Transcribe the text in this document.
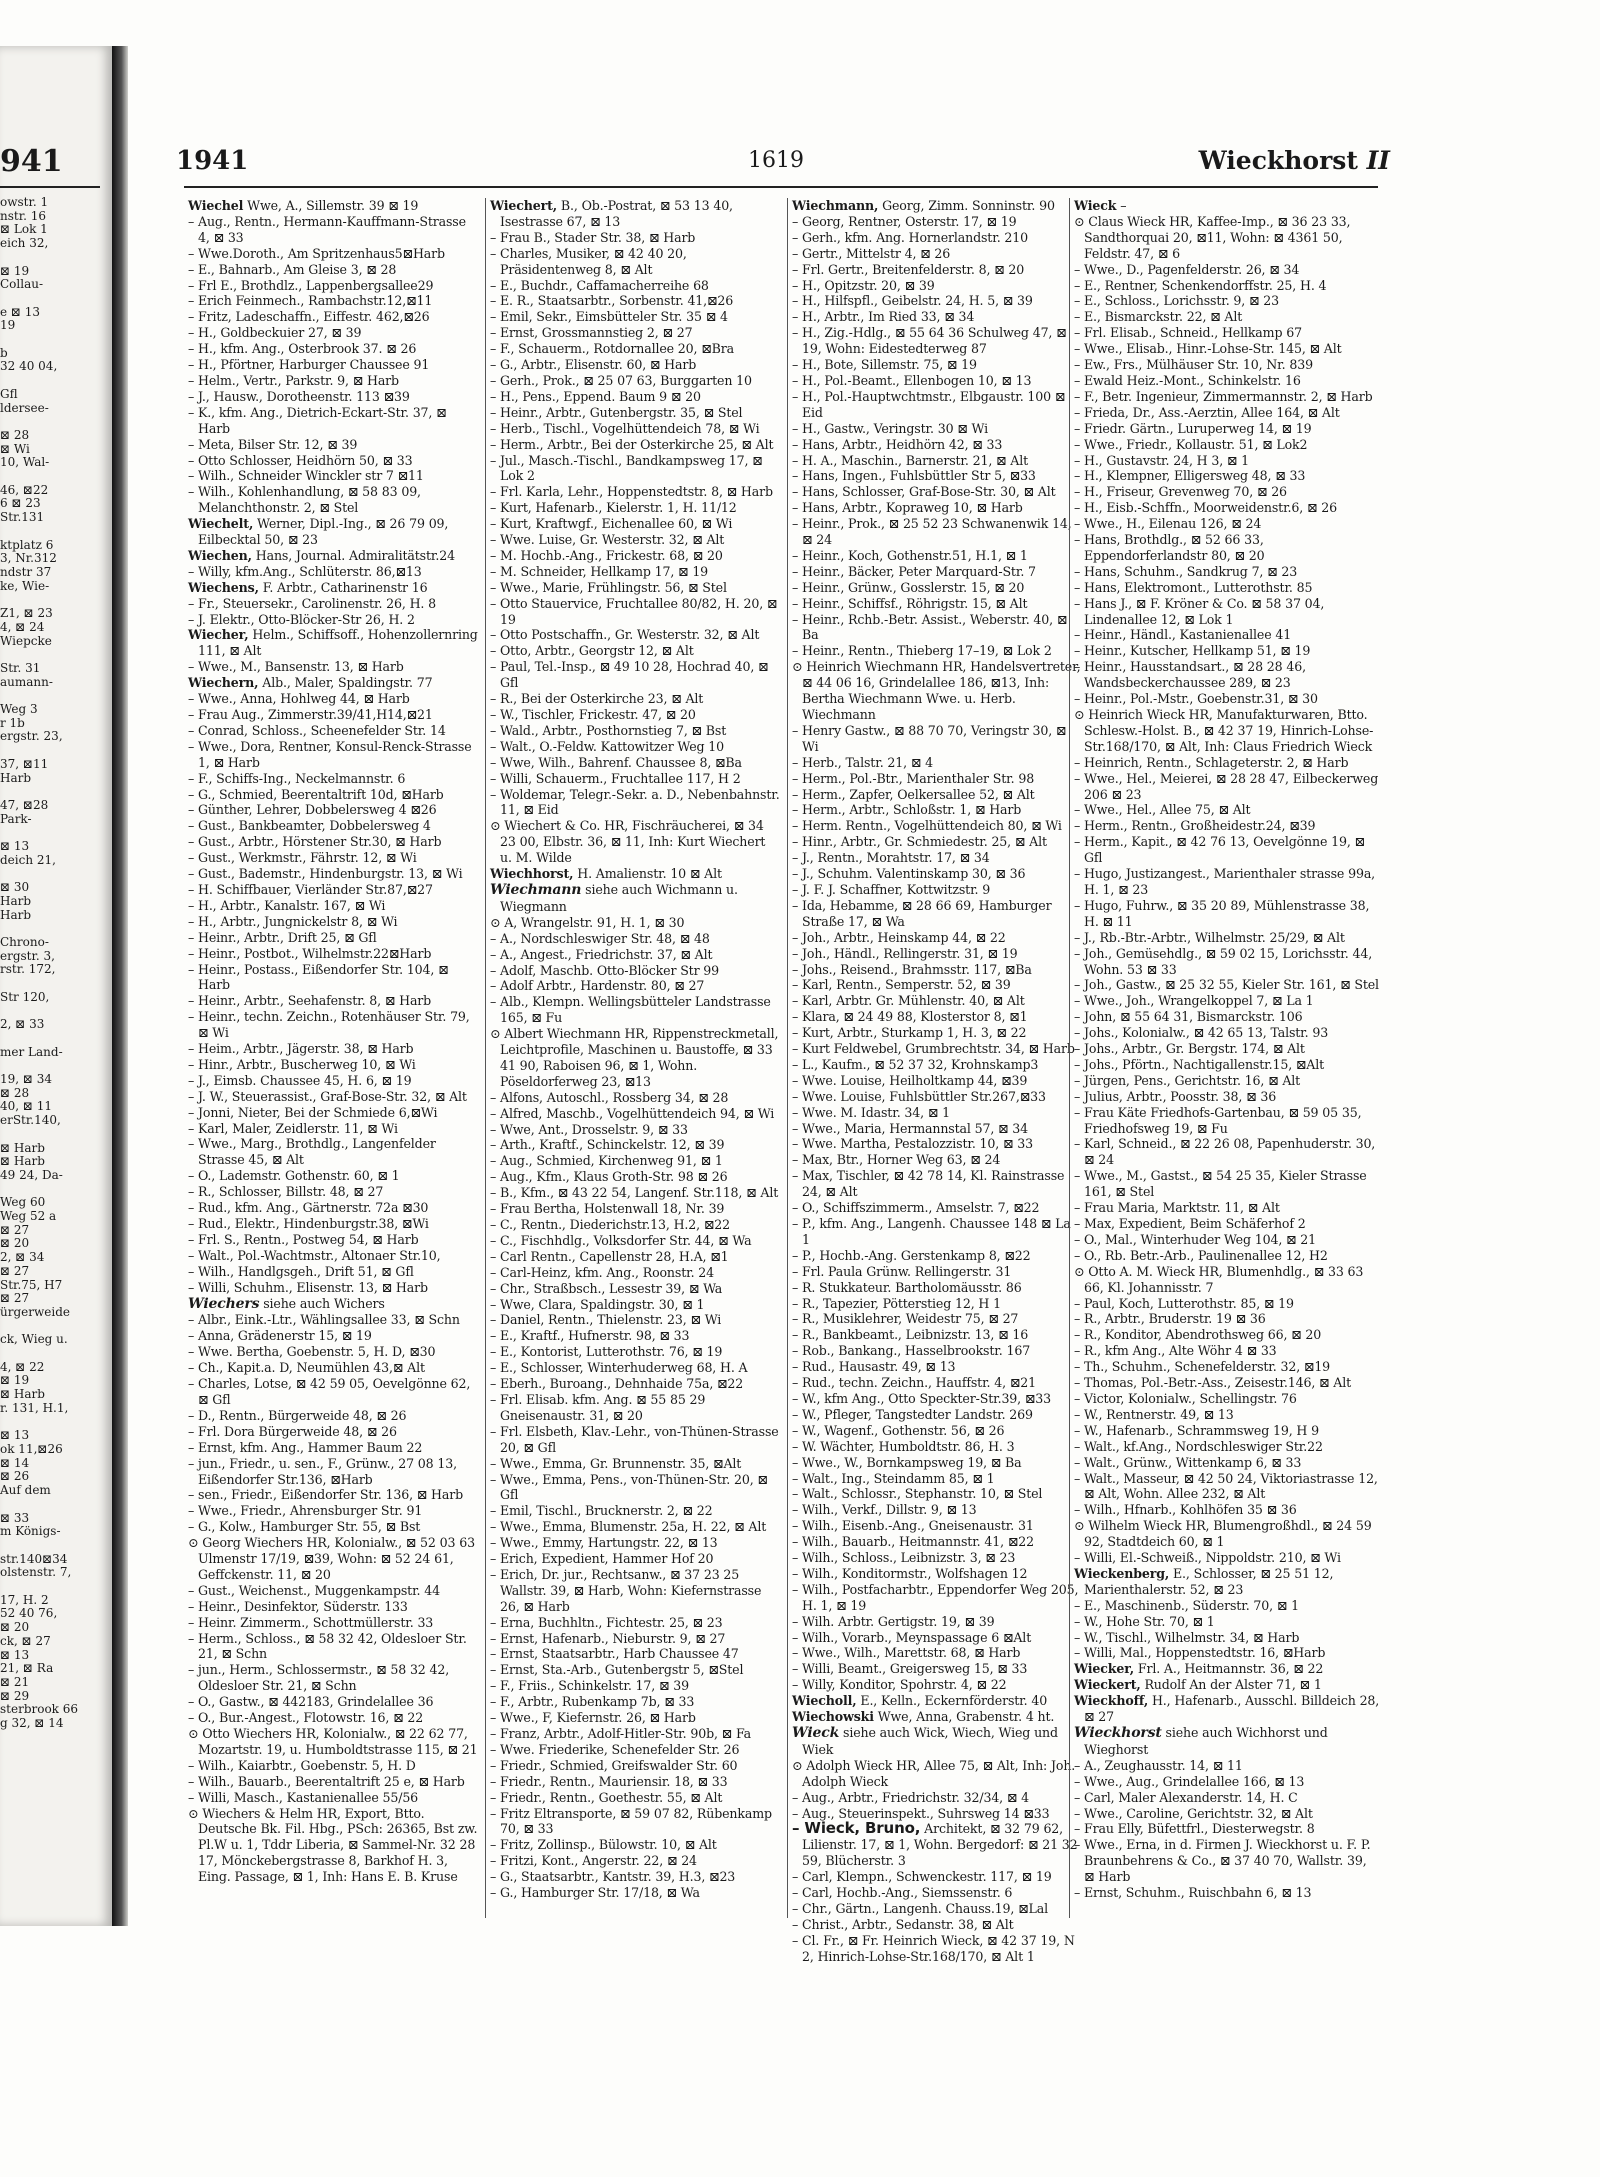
941
owstr. 1
nstr. 16
⊠ Lok 1
eich 32,

⊠ 19
Collau-

e ⊠ 13
19

b
32 40 04,

Gfl
ldersee-

⊠ 28
⊠ Wi
10, Wal-

46, ⊠22
6 ⊠ 23
Str.131

ktplatz 6
3, Nr.312
ndstr 37
ke, Wie-

Z1, ⊠ 23
4, ⊠ 24
Wiepcke

Str. 31
aumann-

Weg 3
r 1b
ergstr. 23,

37, ⊠11
Harb

47, ⊠28
Park-

⊠ 13
deich 21,

⊠ 30
Harb
Harb

Chrono-
ergstr. 3,
rstr. 172,

Str 120,

2, ⊠ 33

mer Land-

19, ⊠ 34
⊠ 28
40, ⊠ 11
erStr.140,

⊠ Harb
⊠ Harb
49 24, Da-

Weg 60
Weg 52 a
⊠ 27
⊠ 20
2, ⊠ 34
⊠ 27
Str.75, H7
⊠ 27
ürgerweide

ck, Wieg u.

4, ⊠ 22
⊠ 19
⊠ Harb
r. 131, H.1,

⊠ 13
ok 11,⊠26
⊠ 14
⊠ 26
Auf dem

⊠ 33
m Königs-

str.140⊠34
olstenstr. 7,

17, H. 2
52 40 76,
⊠ 20
ck, ⊠ 27
⊠ 13
21, ⊠ Ra
⊠ 21
⊠ 29
sterbrook 66
g 32, ⊠ 14
1941	1619	Wieckhorst II

Wiechel Wwe, A., Sillemstr. 39 ⊠ 19

– Aug., Rentn., Hermann-Kauffmann-Strasse 4, ⊠ 33

– Wwe.Doroth., Am Spritzenhaus5⊠Harb

– E., Bahnarb., Am Gleise 3, ⊠ 28

– Frl E., Brothdlz., Lappenbergsallee29

– Erich Feinmech., Rambachstr.12,⊠11

– Fritz, Ladeschaffn., Eiffestr. 462,⊠26

– H., Goldbeckuier 27, ⊠ 39

– H., kfm. Ang., Osterbrook 37. ⊠ 26

– H., Pförtner, Harburger Chaussee 91

– Helm., Vertr., Parkstr. 9, ⊠ Harb

– J., Hausw., Dorotheenstr. 113 ⊠39

– K., kfm. Ang., Dietrich-Eckart-Str. 37, ⊠ Harb

– Meta, Bilser Str. 12, ⊠ 39

– Otto Schlosser, Heidhörn 50, ⊠ 33

– Wilh., Schneider Winckler str 7 ⊠11

– Wilh., Kohlenhandlung, ⊠ 58 83 09, Melanchthonstr. 2, ⊠ Stel

Wiechelt, Werner, Dipl.-Ing., ⊠ 26 79 09, Eilbecktal 50, ⊠ 23

Wiechen, Hans, Journal. Admiralitätstr.24

– Willy, kfm.Ang., Schlüterstr. 86,⊠13

Wiechens, F. Arbtr., Catharinenstr 16

– Fr., Steuersekr., Carolinenstr. 26, H. 8

– J. Elektr., Otto-Blöcker-Str 26, H. 2

Wiecher, Helm., Schiffsoff., Hohenzollernring 111, ⊠ Alt

– Wwe., M., Bansenstr. 13, ⊠ Harb

Wiechern, Alb., Maler, Spaldingstr. 77

– Wwe., Anna, Hohlweg 44, ⊠ Harb

– Frau Aug., Zimmerstr.39/41,H14,⊠21

– Conrad, Schloss., Scheenefelder Str. 14

– Wwe., Dora, Rentner, Konsul-Renck-Strasse 1, ⊠ Harb

– F., Schiffs-Ing., Neckelmannstr. 6

– G., Schmied, Beerentaltrift 10d, ⊠Harb

– Günther, Lehrer, Dobbelersweg 4 ⊠26

– Gust., Bankbeamter, Dobbelersweg 4

– Gust., Arbtr., Hörstener Str.30, ⊠ Harb

– Gust., Werkmstr., Fährstr. 12, ⊠ Wi

– Gust., Bademstr., Hindenburgstr. 13, ⊠ Wi

– H. Schiffbauer, Vierländer Str.87,⊠27

– H., Arbtr., Kanalstr. 167, ⊠ Wi

– H., Arbtr., Jungnickelstr 8, ⊠ Wi

– Heinr., Arbtr., Drift 25, ⊠ Gfl

– Heinr., Postbot., Wilhelmstr.22⊠Harb

– Heinr., Postass., Eißendorfer Str. 104, ⊠ Harb

– Heinr., Arbtr., Seehafenstr. 8, ⊠ Harb

– Heinr., techn. Zeichn., Rotenhäuser Str. 79, ⊠ Wi

– Heim., Arbtr., Jägerstr. 38, ⊠ Harb

– Hinr., Arbtr., Buscherweg 10, ⊠ Wi

– J., Eimsb. Chaussee 45, H. 6, ⊠ 19

– J. W., Steuerassist., Graf-Bose-Str. 32, ⊠ Alt

– Jonni, Nieter, Bei der Schmiede 6,⊠Wi

– Karl, Maler, Zeidlerstr. 11, ⊠ Wi

– Wwe., Marg., Brothdlg., Langenfelder Strasse 45, ⊠ Alt

– O., Lademstr. Gothenstr. 60, ⊠ 1

– R., Schlosser, Billstr. 48, ⊠ 27

– Rud., kfm. Ang., Gärtnerstr. 72a ⊠30

– Rud., Elektr., Hindenburgstr.38, ⊠Wi

– Frl. S., Rentn., Postweg 54, ⊠ Harb

– Walt., Pol.-Wachtmstr., Altonaer Str.10,

– Wilh., Handlgsgeh., Drift 51, ⊠ Gfl

– Willi, Schuhm., Elisenstr. 13, ⊠ Harb

Wiechers siehe auch Wichers

– Albr., Eink.-Ltr., Wählingsallee 33, ⊠ Schn

– Anna, Grädenerstr 15, ⊠ 19

– Wwe. Bertha, Goebenstr. 5, H. D, ⊠30

– Ch., Kapit.a. D, Neumühlen 43,⊠ Alt

– Charles, Lotse, ⊠ 42 59 05, Oevelgönne 62, ⊠ Gfl

– D., Rentn., Bürgerweide 48, ⊠ 26

– Frl. Dora Bürgerweide 48, ⊠ 26

– Ernst, kfm. Ang., Hammer Baum 22

– jun., Friedr., u. sen., F., Grünw., 27 08 13, Eißendorfer Str.136, ⊠Harb

– sen., Friedr., Eißendorfer Str. 136, ⊠ Harb

– Wwe., Friedr., Ahrensburger Str. 91

– G., Kolw., Hamburger Str. 55, ⊠ Bst

⊙ Georg Wiechers HR, Kolonialw., ⊠ 52 03 63 Ulmenstr 17/19, ⊠39, Wohn: ⊠ 52 24 61, Geffckenstr. 11, ⊠ 20

– Gust., Weichenst., Muggenkampstr. 44

– Heinr., Desinfektor, Süderstr. 133

– Heinr. Zimmerm., Schottmüllerstr. 33

– Herm., Schloss., ⊠ 58 32 42, Oldesloer Str. 21, ⊠ Schn

– jun., Herm., Schlossermstr., ⊠ 58 32 42, Oldesloer Str. 21, ⊠ Schn

– O., Gastw., ⊠ 442183, Grindelallee 36

– O., Bur.-Angest., Flotowstr. 16, ⊠ 22

⊙ Otto Wiechers HR, Kolonialw., ⊠ 22 62 77, Mozartstr. 19, u. Humboldtstrasse 115, ⊠ 21

– Wilh., Kaiarbtr., Goebenstr. 5, H. D

– Wilh., Bauarb., Beerentaltrift 25 e, ⊠ Harb

– Willi, Masch., Kastanienallee 55/56

⊙ Wiechers & Helm HR, Export, Btto. Deutsche Bk. Fil. Hbg., PSch: 26365, Bst zw. Pl.W u. 1, Tddr Liberia, ⊠ Sammel-Nr. 32 28 17, Mönckebergstrasse 8, Barkhof H. 3, Eing. Passage, ⊠ 1, Inh: Hans E. B. Kruse

Wiechert, B., Ob.-Postrat, ⊠ 53 13 40, Isestrasse 67, ⊠ 13

– Frau B., Stader Str. 38, ⊠ Harb

– Charles, Musiker, ⊠ 42 40 20, Präsidentenweg 8, ⊠ Alt

– E., Buchdr., Caffamacherreihe 68

– E. R., Staatsarbtr., Sorbenstr. 41,⊠26

– Emil, Sekr., Eimsbütteler Str. 35 ⊠ 4

– Ernst, Grossmannstieg 2, ⊠ 27

– F., Schauerm., Rotdornallee 20, ⊠Bra

– G., Arbtr., Elisenstr. 60, ⊠ Harb

– Gerh., Prok., ⊠ 25 07 63, Burggarten 10

– H., Pens., Eppend. Baum 9 ⊠ 20

– Heinr., Arbtr., Gutenbergstr. 35, ⊠ Stel

– Herb., Tischl., Vogelhüttendeich 78, ⊠ Wi

– Herm., Arbtr., Bei der Osterkirche 25, ⊠ Alt

– Jul., Masch.-Tischl., Bandkampsweg 17, ⊠ Lok 2

– Frl. Karla, Lehr., Hoppenstedtstr. 8, ⊠ Harb

– Kurt, Hafenarb., Kielerstr. 1, H. 11/12

– Kurt, Kraftwgf., Eichenallee 60, ⊠ Wi

– Wwe. Luise, Gr. Westerstr. 32, ⊠ Alt

– M. Hochb.-Ang., Frickestr. 68, ⊠ 20

– M. Schneider, Hellkamp 17, ⊠ 19

– Wwe., Marie, Frühlingstr. 56, ⊠ Stel

– Otto Stauervice, Fruchtallee 80/82, H. 20, ⊠ 19

– Otto Postschaffn., Gr. Westerstr. 32, ⊠ Alt

– Otto, Arbtr., Georgstr 12, ⊠ Alt

– Paul, Tel.-Insp., ⊠ 49 10 28, Hochrad 40, ⊠ Gfl

– R., Bei der Osterkirche 23, ⊠ Alt

– W., Tischler, Frickestr. 47, ⊠ 20

– Wald., Arbtr., Posthornstieg 7, ⊠ Bst

– Walt., O.-Feldw. Kattowitzer Weg 10

– Wwe, Wilh., Bahrenf. Chaussee 8, ⊠Ba

– Willi, Schauerm., Fruchtallee 117, H 2

– Woldemar, Telegr.-Sekr. a. D., Nebenbahnstr. 11, ⊠ Eid

⊙ Wiechert & Co. HR, Fischräucherei, ⊠ 34 23 00, Elbstr. 36, ⊠ 11, Inh: Kurt Wiechert u. M. Wilde

Wiechhorst, H. Amalienstr. 10 ⊠ Alt

Wiechmann siehe auch Wichmann u. Wiegmann

⊙ A, Wrangelstr. 91, H. 1, ⊠ 30

– A., Nordschleswiger Str. 48, ⊠ 48

– A., Angest., Friedrichstr. 37, ⊠ Alt

– Adolf, Maschb. Otto-Blöcker Str 99

– Adolf Arbtr., Hardenstr. 80, ⊠ 27

– Alb., Klempn. Wellingsbütteler Landstrasse 165, ⊠ Fu

⊙ Albert Wiechmann HR, Rippenstreckmetall, Leichtprofile, Maschinen u. Baustoffe, ⊠ 33 41 90, Raboisen 96, ⊠ 1, Wohn. Pöseldorferweg 23, ⊠13

– Alfons, Autoschl., Rossberg 34, ⊠ 28

– Alfred, Maschb., Vogelhüttendeich 94, ⊠ Wi

– Wwe, Ant., Drosselstr. 9, ⊠ 33

– Arth., Kraftf., Schinckelstr. 12, ⊠ 39

– Aug., Schmied, Kirchenweg 91, ⊠ 1

– Aug., Kfm., Klaus Groth-Str. 98 ⊠ 26

– B., Kfm., ⊠ 43 22 54, Langenf. Str.118, ⊠ Alt

– Frau Bertha, Holstenwall 18, Nr. 39

– C., Rentn., Diederichstr.13, H.2, ⊠22

– C., Fischhdlg., Volksdorfer Str. 44, ⊠ Wa

– Carl Rentn., Capellenstr 28, H.A, ⊠1

– Carl-Heinz, kfm. Ang., Roonstr. 24

– Chr., Straßbsch., Lessestr 39, ⊠ Wa

– Wwe, Clara, Spaldingstr. 30, ⊠ 1

– Daniel, Rentn., Thielenstr. 23, ⊠ Wi

– E., Kraftf., Hufnerstr. 98, ⊠ 33

– E., Kontorist, Lutterothstr. 76, ⊠ 19

– E., Schlosser, Winterhuderweg 68, H. A

– Eberh., Buroang., Dehnhaide 75a, ⊠22

– Frl. Elisab. kfm. Ang. ⊠ 55 85 29 Gneisenaustr. 31, ⊠ 20

– Frl. Elsbeth, Klav.-Lehr., von-Thünen-Strasse 20, ⊠ Gfl

– Wwe., Emma, Gr. Brunnenstr. 35, ⊠Alt

– Wwe., Emma, Pens., von-Thünen-Str. 20, ⊠ Gfl

– Emil, Tischl., Brucknerstr. 2, ⊠ 22

– Wwe., Emma, Blumenstr. 25a, H. 22, ⊠ Alt

– Wwe., Emmy, Hartungstr. 22, ⊠ 13

– Erich, Expedient, Hammer Hof 20

– Erich, Dr. jur., Rechtsanw., ⊠ 37 23 25 Wallstr. 39, ⊠ Harb, Wohn: Kiefernstrasse 26, ⊠ Harb

– Erna, Buchhltn., Fichtestr. 25, ⊠ 23

– Ernst, Hafenarb., Nieburstr. 9, ⊠ 27

– Ernst, Staatsarbtr., Harb Chaussee 47

– Ernst, Sta.-Arb., Gutenbergstr 5, ⊠Stel

– F., Friis., Schinkelstr. 17, ⊠ 39

– F., Arbtr., Rubenkamp 7b, ⊠ 33

– Wwe., F, Kiefernstr. 26, ⊠ Harb

– Franz, Arbtr., Adolf-Hitler-Str. 90b, ⊠ Fa

– Wwe. Friederike, Schenefelder Str. 26

– Friedr., Schmied, Greifswalder Str. 60

– Friedr., Rentn., Mauriensir. 18, ⊠ 33

– Friedr., Rentn., Goethestr. 55, ⊠ Alt

– Fritz Eltransporte, ⊠ 59 07 82, Rübenkamp 70, ⊠ 33

– Fritz, Zollinsp., Bülowstr. 10, ⊠ Alt

– Fritzi, Kont., Angerstr. 22, ⊠ 24

– G., Staatsarbtr., Kantstr. 39, H.3, ⊠23

– G., Hamburger Str. 17/18, ⊠ Wa

Wiechmann, Georg, Zimm. Sonninstr. 90

– Georg, Rentner, Osterstr. 17, ⊠ 19

– Gerh., kfm. Ang. Hornerlandstr. 210

– Gertr., Mittelstr 4, ⊠ 26

– Frl. Gertr., Breitenfelderstr. 8, ⊠ 20

– H., Opitzstr. 20, ⊠ 39

– H., Hilfspfl., Geibelstr. 24, H. 5, ⊠ 39

– H., Arbtr., Im Ried 33, ⊠ 34

– H., Zig.-Hdlg., ⊠ 55 64 36 Schulweg 47, ⊠ 19, Wohn: Eidestedterweg 87

– H., Bote, Sillemstr. 75, ⊠ 19

– H., Pol.-Beamt., Ellenbogen 10, ⊠ 13

– H., Pol.-Hauptwchtmstr., Elbgaustr. 100 ⊠ Eid

– H., Gastw., Veringstr. 30 ⊠ Wi

– Hans, Arbtr., Heidhörn 42, ⊠ 33

– H. A., Maschin., Barnerstr. 21, ⊠ Alt

– Hans, Ingen., Fuhlsbüttler Str 5, ⊠33

– Hans, Schlosser, Graf-Bose-Str. 30, ⊠ Alt

– Hans, Arbtr., Kopraweg 10, ⊠ Harb

– Heinr., Prok., ⊠ 25 52 23 Schwanenwik 14, ⊠ 24

– Heinr., Koch, Gothenstr.51, H.1, ⊠ 1

– Heinr., Bäcker, Peter Marquard-Str. 7

– Heinr., Grünw., Gosslerstr. 15, ⊠ 20

– Heinr., Schiffsf., Röhrigstr. 15, ⊠ Alt

– Heinr., Rchb.-Betr. Assist., Weberstr. 40, ⊠ Ba

– Heinr., Rentn., Thieberg 17–19, ⊠ Lok 2

⊙ Heinrich Wiechmann HR, Handelsvertreter, ⊠ 44 06 16, Grindelallee 186, ⊠13, Inh: Bertha Wiechmann Wwe. u. Herb. Wiechmann

– Henry Gastw., ⊠ 88 70 70, Veringstr 30, ⊠ Wi

– Herb., Talstr. 21, ⊠ 4

– Herm., Pol.-Btr., Marienthaler Str. 98

– Herm., Zapfer, Oelkersallee 52, ⊠ Alt

– Herm., Arbtr., Schloßstr. 1, ⊠ Harb

– Herm. Rentn., Vogelhüttendeich 80, ⊠ Wi

– Hinr., Arbtr., Gr. Schmiedestr. 25, ⊠ Alt

– J., Rentn., Morahtstr. 17, ⊠ 34

– J., Schuhm. Valentinskamp 30, ⊠ 36

– J. F. J. Schaffner, Kottwitzstr. 9

– Ida, Hebamme, ⊠ 28 66 69, Hamburger Straße 17, ⊠ Wa

– Joh., Arbtr., Heinskamp 44, ⊠ 22

– Joh., Händl., Rellingerstr. 31, ⊠ 19

– Johs., Reisend., Brahmsstr. 117, ⊠Ba

– Karl, Rentn., Semperstr. 52, ⊠ 39

– Karl, Arbtr. Gr. Mühlenstr. 40, ⊠ Alt

– Klara, ⊠ 24 49 88, Klosterstor 8, ⊠1

– Kurt, Arbtr., Sturkamp 1, H. 3, ⊠ 22

– Kurt Feldwebel, Grumbrechtstr. 34, ⊠ Harb

– L., Kaufm., ⊠ 52 37 32, Krohnskamp3

– Wwe. Louise, Heilholtkamp 44, ⊠39

– Wwe. Louise, Fuhlsbüttler Str.267,⊠33

– Wwe. M. Idastr. 34, ⊠ 1

– Wwe., Maria, Hermannstal 57, ⊠ 34

– Wwe. Martha, Pestalozzistr. 10, ⊠ 33

– Max, Btr., Horner Weg 63, ⊠ 24

– Max, Tischler, ⊠ 42 78 14, Kl. Rainstrasse 24, ⊠ Alt

– O., Schiffszimmerm., Amselstr. 7, ⊠22

– P., kfm. Ang., Langenh. Chaussee 148 ⊠ La 1

– P., Hochb.-Ang. Gerstenkamp 8, ⊠22

– Frl. Paula Grünw. Rellingerstr. 31

– R. Stukkateur. Bartholomäusstr. 86

– R., Tapezier, Pötterstieg 12, H 1

– R., Musiklehrer, Weidestr 75, ⊠ 27

– R., Bankbeamt., Leibnizstr. 13, ⊠ 16

– Rob., Bankang., Hasselbrookstr. 167

– Rud., Hausastr. 49, ⊠ 13

– Rud., techn. Zeichn., Hauffstr. 4, ⊠21

– W., kfm Ang., Otto Speckter-Str.39, ⊠33

– W., Pfleger, Tangstedter Landstr. 269

– W., Wagenf., Gothenstr. 56, ⊠ 26

– W. Wächter, Humboldtstr. 86, H. 3

– Wwe., W., Bornkampsweg 19, ⊠ Ba

– Walt., Ing., Steindamm 85, ⊠ 1

– Walt., Schlossr., Stephanstr. 10, ⊠ Stel

– Wilh., Verkf., Dillstr. 9, ⊠ 13

– Wilh., Eisenb.-Ang., Gneisenaustr. 31

– Wilh., Bauarb., Heitmannstr. 41, ⊠22

– Wilh., Schloss., Leibnizstr. 3, ⊠ 23

– Wilh., Konditormstr., Wolfshagen 12

– Wilh., Postfacharbtr., Eppendorfer Weg 205, H. 1, ⊠ 19

– Wilh. Arbtr. Gertigstr. 19, ⊠ 39

– Wilh., Vorarb., Meynspassage 6 ⊠Alt

– Wwe., Wilh., Marettstr. 68, ⊠ Harb

– Willi, Beamt., Greigersweg 15, ⊠ 33

– Willy, Konditor, Spohrstr. 4, ⊠ 22

Wiecholl, E., Kelln., Eckernförderstr. 40

Wiechowski Wwe, Anna, Grabenstr. 4 ht.

Wieck siehe auch Wick, Wiech, Wieg und Wiek

⊙ Adolph Wieck HR, Allee 75, ⊠ Alt, Inh: Joh. Adolph Wieck

– Aug., Arbtr., Friedrichstr. 32/34, ⊠ 4

– Aug., Steuerinspekt., Suhrsweg 14 ⊠33

– Wieck, Bruno, Architekt, ⊠ 32 79 62, Lilienstr. 17, ⊠ 1, Wohn. Bergedorf: ⊠ 21 32 59, Blücherstr. 3

– Carl, Klempn., Schwenckestr. 117, ⊠ 19

– Carl, Hochb.-Ang., Siemssenstr. 6

– Chr., Gärtn., Langenh. Chauss.19, ⊠Lal

– Christ., Arbtr., Sedanstr. 38, ⊠ Alt

– Cl. Fr., ⊠ Fr. Heinrich Wieck, ⊠ 42 37 19, N 2, Hinrich-Lohse-Str.168/170, ⊠ Alt 1

Wieck –

⊙ Claus Wieck HR, Kaffee-Imp., ⊠ 36 23 33, Sandthorquai 20, ⊠11, Wohn: ⊠ 4361 50, Feldstr. 47, ⊠ 6

– Wwe., D., Pagenfelderstr. 26, ⊠ 34

– E., Rentner, Schenkendorffstr. 25, H. 4

– E., Schloss., Lorichsstr. 9, ⊠ 23

– E., Bismarckstr. 22, ⊠ Alt

– Frl. Elisab., Schneid., Hellkamp 67

– Wwe., Elisab., Hinr.-Lohse-Str. 145, ⊠ Alt

– Ew., Frs., Mülhäuser Str. 10, Nr. 839

– Ewald Heiz.-Mont., Schinkelstr. 16

– F., Betr. Ingenieur, Zimmermannstr. 2, ⊠ Harb

– Frieda, Dr., Ass.-Aerztin, Allee 164, ⊠ Alt

– Friedr. Gärtn., Luruperweg 14, ⊠ 19

– Wwe., Friedr., Kollaustr. 51, ⊠ Lok2

– H., Gustavstr. 24, H 3, ⊠ 1

– H., Klempner, Elligersweg 48, ⊠ 33

– H., Friseur, Grevenweg 70, ⊠ 26

– H., Eisb.-Schffn., Moorweidenstr.6, ⊠ 26

– Wwe., H., Eilenau 126, ⊠ 24

– Hans, Brothdlg., ⊠ 52 66 33, Eppendorferlandstr 80, ⊠ 20

– Hans, Schuhm., Sandkrug 7, ⊠ 23

– Hans, Elektromont., Lutterothstr. 85

– Hans J., ⊠ F. Kröner & Co. ⊠ 58 37 04, Lindenallee 12, ⊠ Lok 1

– Heinr., Händl., Kastanienallee 41

– Heinr., Kutscher, Hellkamp 51, ⊠ 19

– Heinr., Hausstandsart., ⊠ 28 28 46, Wandsbeckerchaussee 289, ⊠ 23

– Heinr., Pol.-Mstr., Goebenstr.31, ⊠ 30

⊙ Heinrich Wieck HR, Manufakturwaren, Btto. Schlesw.-Holst. B., ⊠ 42 37 19, Hinrich-Lohse-Str.168/170, ⊠ Alt, Inh: Claus Friedrich Wieck

– Heinrich, Rentn., Schlageterstr. 2, ⊠ Harb

– Wwe., Hel., Meierei, ⊠ 28 28 47, Eilbeckerweg 206 ⊠ 23

– Wwe., Hel., Allee 75, ⊠ Alt

– Herm., Rentn., Großheidestr.24, ⊠39

– Herm., Kapit., ⊠ 42 76 13, Oevelgönne 19, ⊠ Gfl

– Hugo, Justizangest., Marienthaler strasse 99a, H. 1, ⊠ 23

– Hugo, Fuhrw., ⊠ 35 20 89, Mühlenstrasse 38, H. ⊠ 11

– J., Rb.-Btr.-Arbtr., Wilhelmstr. 25/29, ⊠ Alt

– Joh., Gemüsehdlg., ⊠ 59 02 15, Lorichsstr. 44, Wohn. 53 ⊠ 33

– Joh., Gastw., ⊠ 25 32 55, Kieler Str. 161, ⊠ Stel

– Wwe., Joh., Wrangelkoppel 7, ⊠ La 1

– John, ⊠ 55 64 31, Bismarckstr. 106

– Johs., Kolonialw., ⊠ 42 65 13, Talstr. 93

– Johs., Arbtr., Gr. Bergstr. 174, ⊠ Alt

– Johs., Pförtn., Nachtigallenstr.15, ⊠Alt

– Jürgen, Pens., Gerichtstr. 16, ⊠ Alt

– Julius, Arbtr., Poosstr. 38, ⊠ 36

– Frau Käte Friedhofs-Gartenbau, ⊠ 59 05 35, Friedhofsweg 19, ⊠ Fu

– Karl, Schneid., ⊠ 22 26 08, Papenhuderstr. 30, ⊠ 24

– Wwe., M., Gastst., ⊠ 54 25 35, Kieler Strasse 161, ⊠ Stel

– Frau Maria, Marktstr. 11, ⊠ Alt

– Max, Expedient, Beim Schäferhof 2

– O., Mal., Winterhuder Weg 104, ⊠ 21

– O., Rb. Betr.-Arb., Paulinenallee 12, H2

⊙ Otto A. M. Wieck HR, Blumenhdlg., ⊠ 33 63 66, Kl. Johannisstr. 7

– Paul, Koch, Lutterothstr. 85, ⊠ 19

– R., Arbtr., Bruderstr. 19 ⊠ 36

– R., Konditor, Abendrothsweg 66, ⊠ 20

– R., kfm Ang., Alte Wöhr 4 ⊠ 33

– Th., Schuhm., Schenefelderstr. 32, ⊠19

– Thomas, Pol.-Betr.-Ass., Zeisestr.146, ⊠ Alt

– Victor, Kolonialw., Schellingstr. 76

– W., Rentnerstr. 49, ⊠ 13

– W., Hafenarb., Schrammsweg 19, H 9

– Walt., kf.Ang., Nordschleswiger Str.22

– Walt., Grünw., Wittenkamp 6, ⊠ 33

– Walt., Masseur, ⊠ 42 50 24, Viktoriastrasse 12, ⊠ Alt, Wohn. Allee 232, ⊠ Alt

– Wilh., Hfnarb., Kohlhöfen 35 ⊠ 36

⊙ Wilhelm Wieck HR, Blumengroßhdl., ⊠ 24 59 92, Stadtdeich 60, ⊠ 1

– Willi, El.-Schweiß., Nippoldstr. 210, ⊠ Wi

Wieckenberg, E., Schlosser, ⊠ 25 51 12, Marienthalerstr. 52, ⊠ 23

– E., Maschinenb., Süderstr. 70, ⊠ 1

– W., Hohe Str. 70, ⊠ 1

– W., Tischl., Wilhelmstr. 34, ⊠ Harb

– Willi, Mal., Hoppenstedtstr. 16, ⊠Harb

Wiecker, Frl. A., Heitmannstr. 36, ⊠ 22

Wieckert, Rudolf An der Alster 71, ⊠ 1

Wieckhoff, H., Hafenarb., Ausschl. Billdeich 28, ⊠ 27

Wieckhorst siehe auch Wichhorst und Wieghorst

– A., Zeughausstr. 14, ⊠ 11

– Wwe., Aug., Grindelallee 166, ⊠ 13

– Carl, Maler Alexanderstr. 14, H. C

– Wwe., Caroline, Gerichtstr. 32, ⊠ Alt

– Frau Elly, Büfettfrl., Diesterwegstr. 8

– Wwe., Erna, in d. Firmen J. Wieckhorst u. F. P. Braunbehrens & Co., ⊠ 37 40 70, Wallstr. 39, ⊠ Harb

– Ernst, Schuhm., Ruischbahn 6, ⊠ 13
